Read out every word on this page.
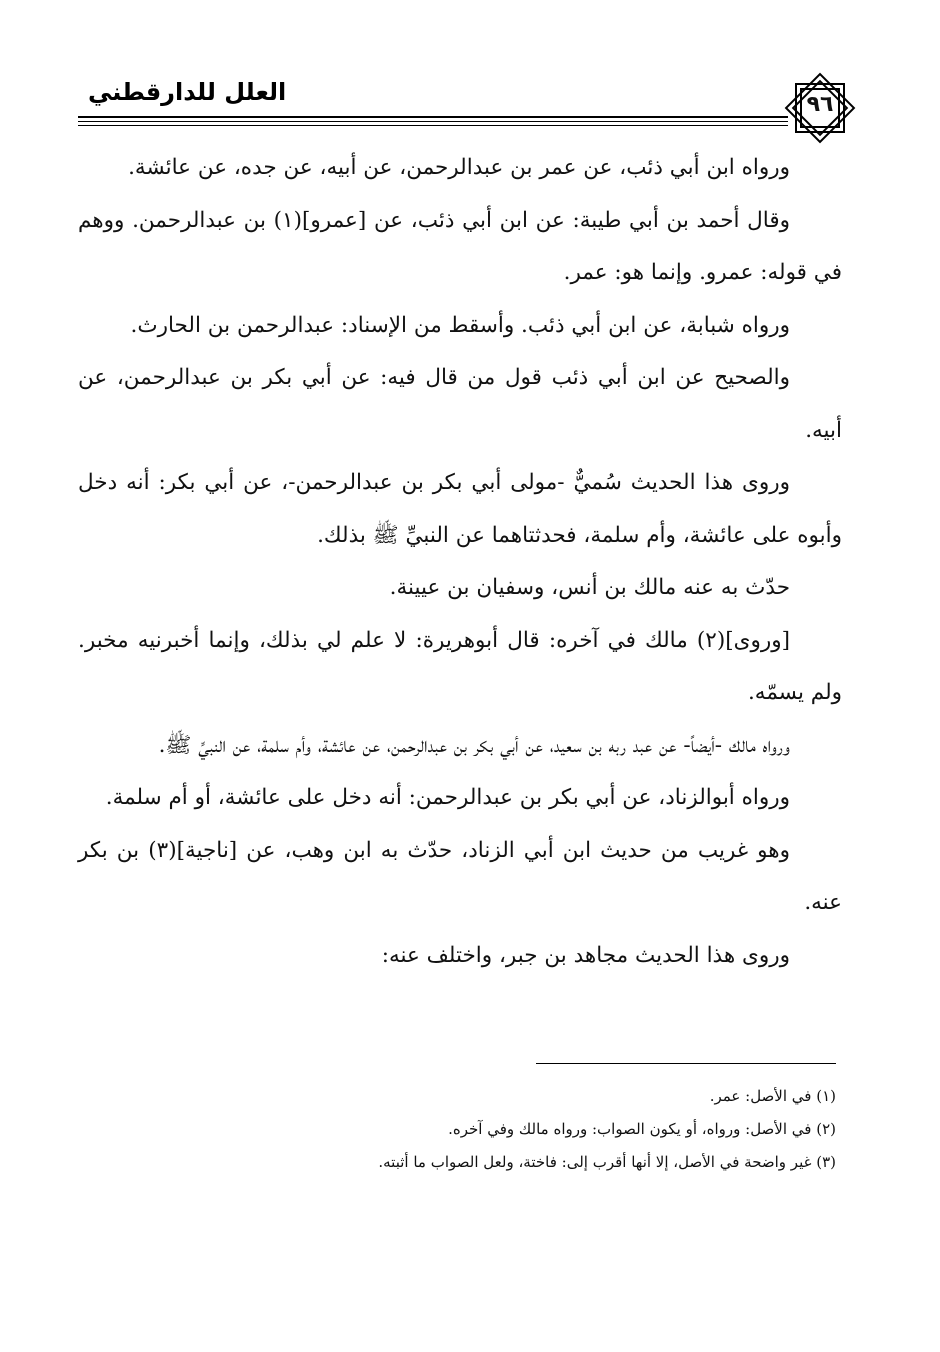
العلل للدارقطني	٩٦

ورواه ابن أبي ذئب، عن عمر بن عبدالرحمن، عن أبيه، عن جده، عن عائشة.

وقال أحمد بن أبي طيبة: عن ابن أبي ذئب، عن [عمرو](١) بن عبدالرحمن. ووهم في قوله: عمرو. وإنما هو: عمر.

ورواه شبابة، عن ابن أبي ذئب. وأسقط من الإسناد: عبدالرحمن بن الحارث.

والصحيح عن ابن أبي ذئب قول من قال فيه: عن أبي بكر بن عبدالرحمن، عن أبيه.

وروى هذا الحديث سُميٌّ -مولى أبي بكر بن عبدالرحمن-، عن أبي بكر: أنه دخل وأبوه على عائشة، وأم سلمة، فحدثتاهما عن النبيِّ ﷺ بذلك.

حدّث به عنه مالك بن أنس، وسفيان بن عيينة.

[وروى](٢) مالك في آخره: قال أبوهريرة: لا علم لي بذلك، وإنما أخبرنيه مخبر. ولم يسمّه.

ورواه مالك -أيضاً- عن عبد ربه بن سعيد، عن أبي بكر بن عبدالرحمن، عن عائشة، وأم سلمة، عن النبيِّ ﷺ.

ورواه أبوالزناد، عن أبي بكر بن عبدالرحمن: أنه دخل على عائشة، أو أم سلمة.

وهو غريب من حديث ابن أبي الزناد، حدّث به ابن وهب، عن [ناجية](٣) بن بكر عنه.

وروى هذا الحديث مجاهد بن جبر، واختلف عنه:

(١) في الأصل: عمر.

(٢) في الأصل: ورواه، أو يكون الصواب: ورواه مالك وفي آخره.

(٣) غير واضحة في الأصل، إلا أنها أقرب إلى: فاختة، ولعل الصواب ما أثبته.
